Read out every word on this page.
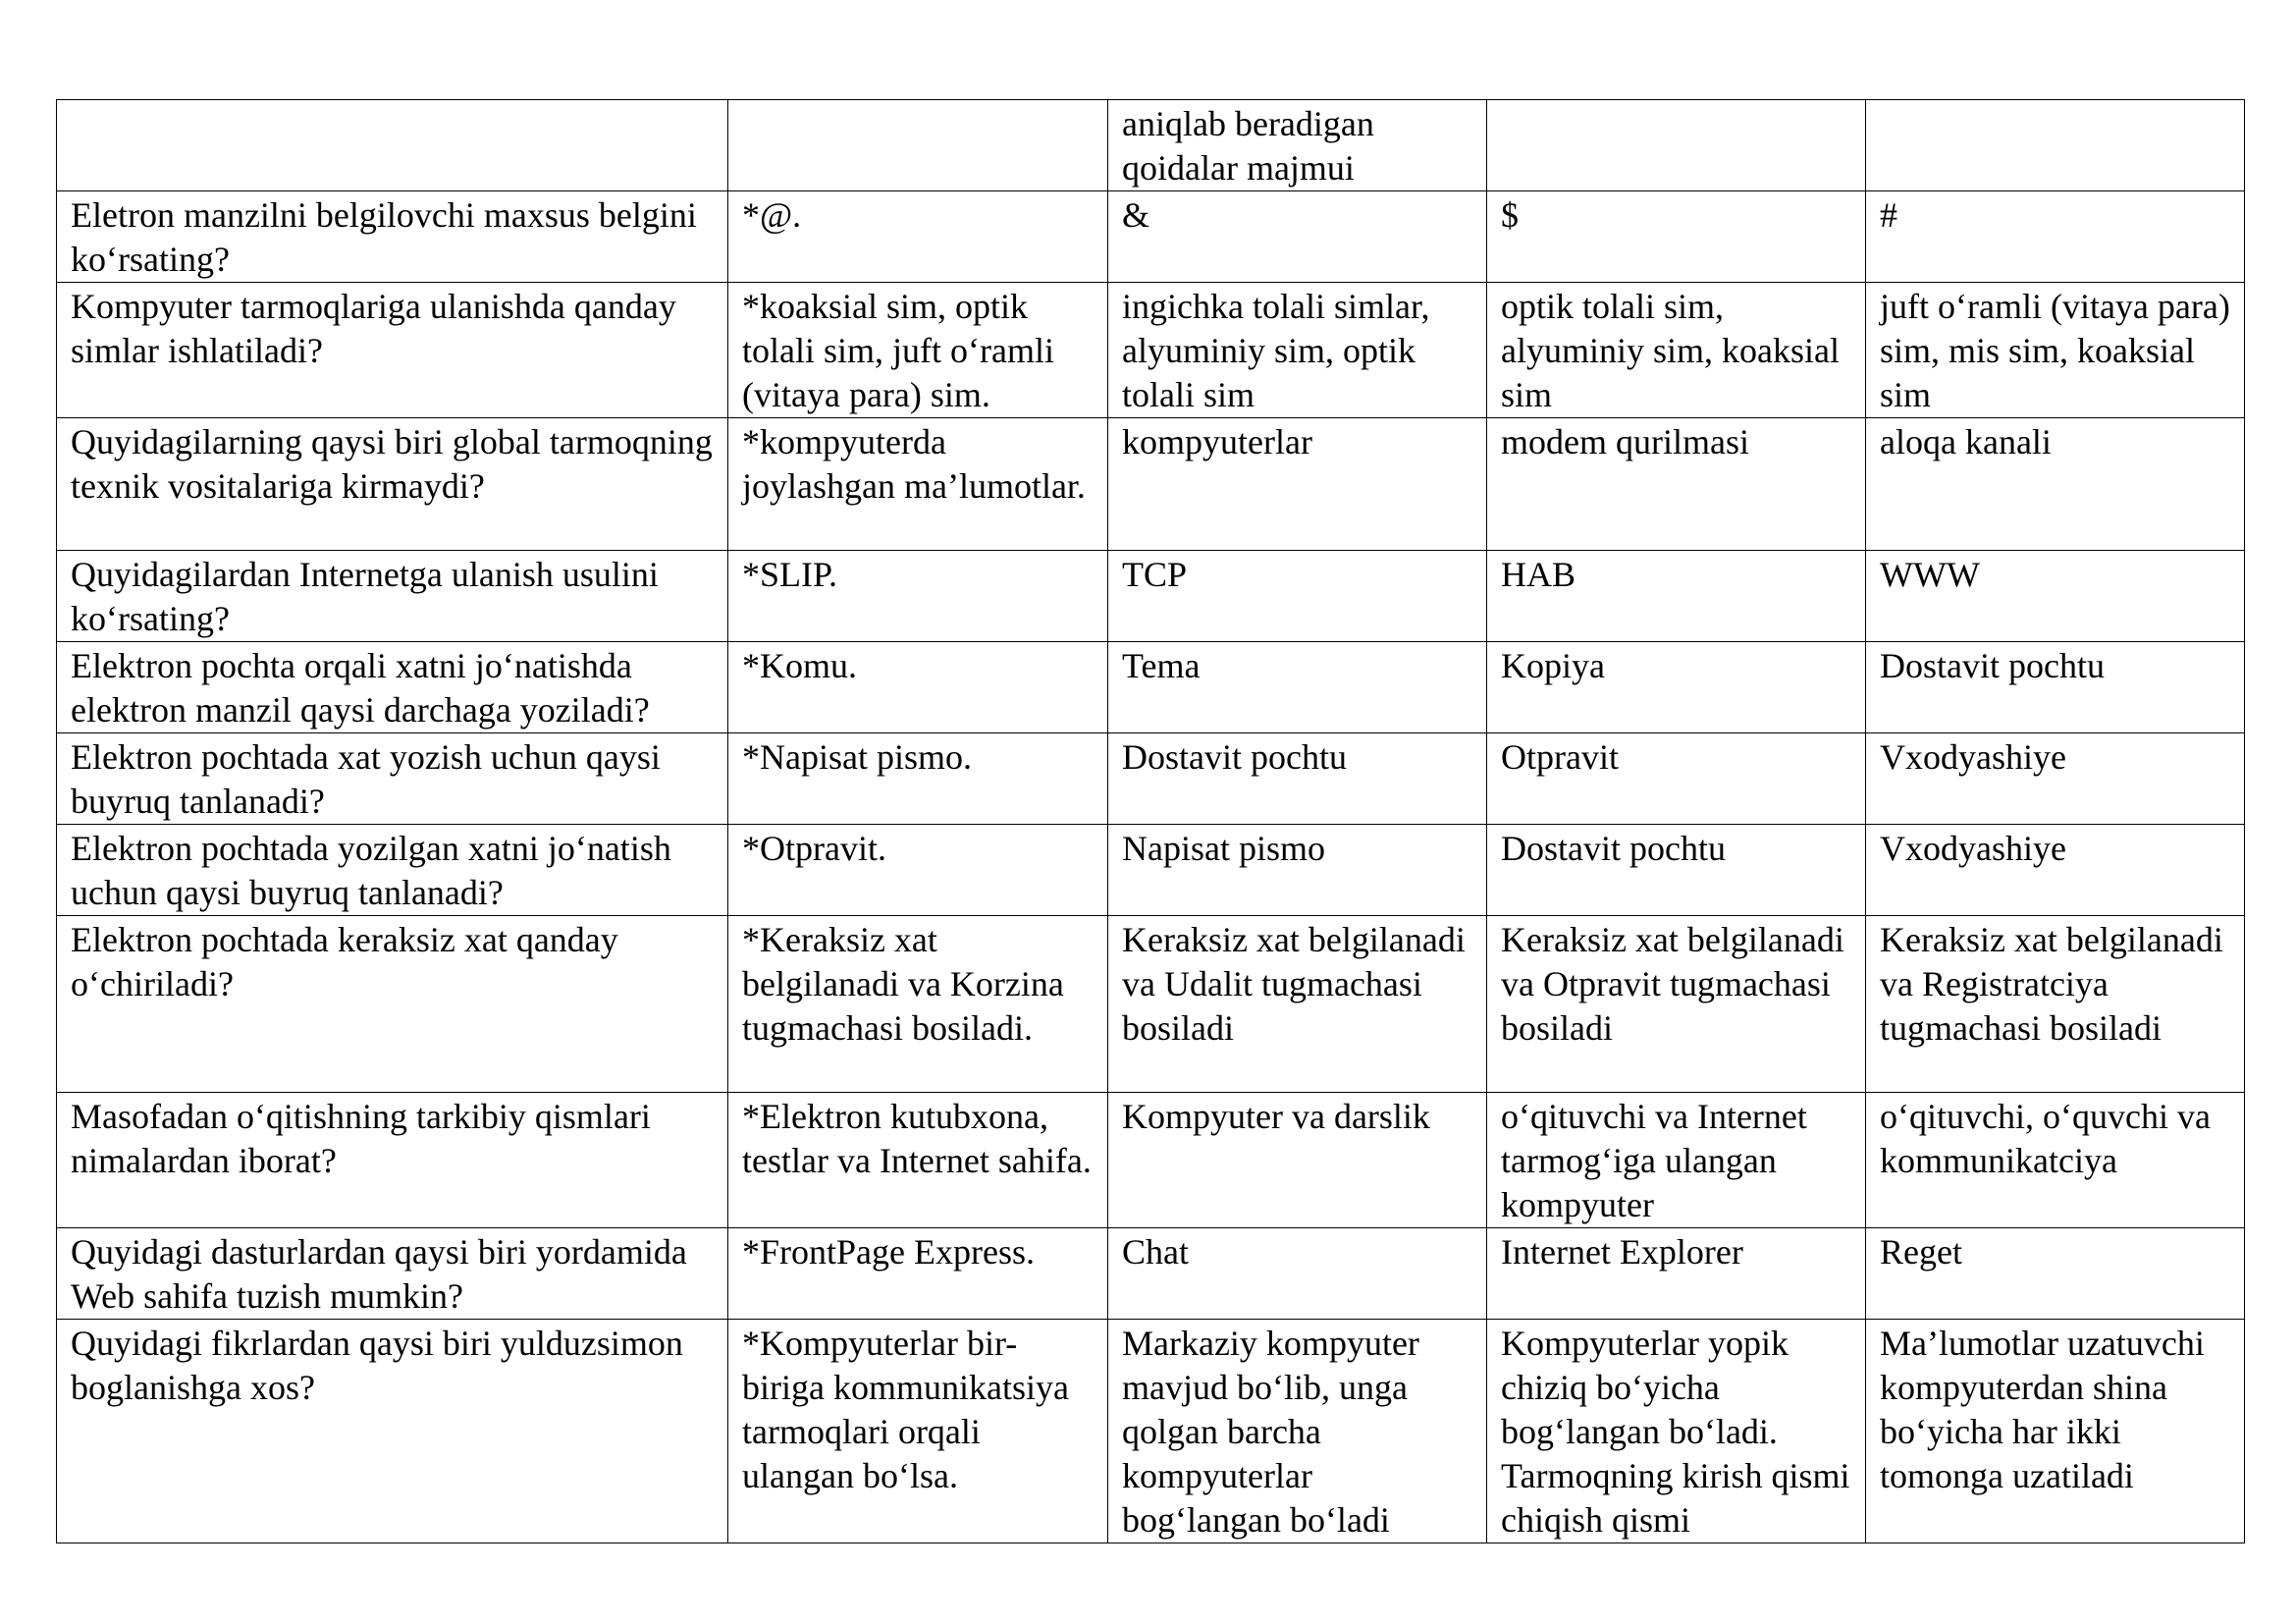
		aniqlab beradigan qoidalar majmui		
Eletron manzilni belgilovchi maxsus belgini ko‘rsating?	*@.	&	$	#
Kompyuter tarmoqlariga ulanishda qanday simlar ishlatiladi?	*koaksial sim, optik tolali sim, juft o‘ramli (vitaya para) sim.	ingichka tolali simlar, alyuminiy sim, optik tolali sim	optik tolali sim, alyuminiy sim, koaksial sim	juft o‘ramli (vitaya para) sim, mis sim, koaksial sim
Quyidagilarning qaysi biri global tarmoqning texnik vositalariga kirmaydi?	*kompyuterda joylashgan ma’lumotlar.	kompyuterlar	modem qurilmasi	aloqa kanali
Quyidagilardan Internetga ulanish usulini ko‘rsating?	*SLIP.	TCP	HAB	WWW
Elektron pochta orqali xatni jo‘natishda elektron manzil qaysi darchaga yoziladi?	*Komu.	Tema	Kopiya	Dostavit pochtu
Elektron pochtada xat yozish uchun qaysi buyruq tanlanadi?	*Napisat pismo.	Dostavit pochtu	Otpravit	Vxodyashiye
Elektron pochtada yozilgan xatni jo‘natish uchun qaysi buyruq tanlanadi?	*Otpravit.	Napisat pismo	Dostavit pochtu	Vxodyashiye
Elektron pochtada keraksiz xat qanday o‘chiriladi?	*Keraksiz xat belgilanadi va Korzina tugmachasi bosiladi.	Keraksiz xat belgilanadi va Udalit tugmachasi bosiladi	Keraksiz xat belgilanadi va Otpravit tugmachasi bosiladi	Keraksiz xat belgilanadi va Registratciya tugmachasi bosiladi
Masofadan o‘qitishning tarkibiy qismlari nimalardan iborat?	*Elektron kutubxona, testlar va Internet sahifa.	Kompyuter va darslik	o‘qituvchi va Internet tarmog‘iga ulangan kompyuter	o‘qituvchi, o‘quvchi va kommunikatciya
Quyidagi dasturlardan qaysi biri yordamida Web sahifa tuzish mumkin?	*FrontPage Express.	Chat	Internet Explorer	Reget
Quyidagi fikrlardan qaysi biri yulduzsimon boglanishga xos?	*Kompyuterlar bir-biriga kommunikatsiya tarmoqlari orqali ulangan bo‘lsa.	Markaziy kompyuter mavjud bo‘lib, unga qolgan barcha kompyuterlar bog‘langan bo‘ladi	Kompyuterlar yopik chiziq bo‘yicha bog‘langan bo‘ladi. Tarmoqning kirish qismi chiqish qismi	Ma’lumotlar uzatuvchi kompyuterdan shina bo‘yicha har ikki tomonga uzatiladi
